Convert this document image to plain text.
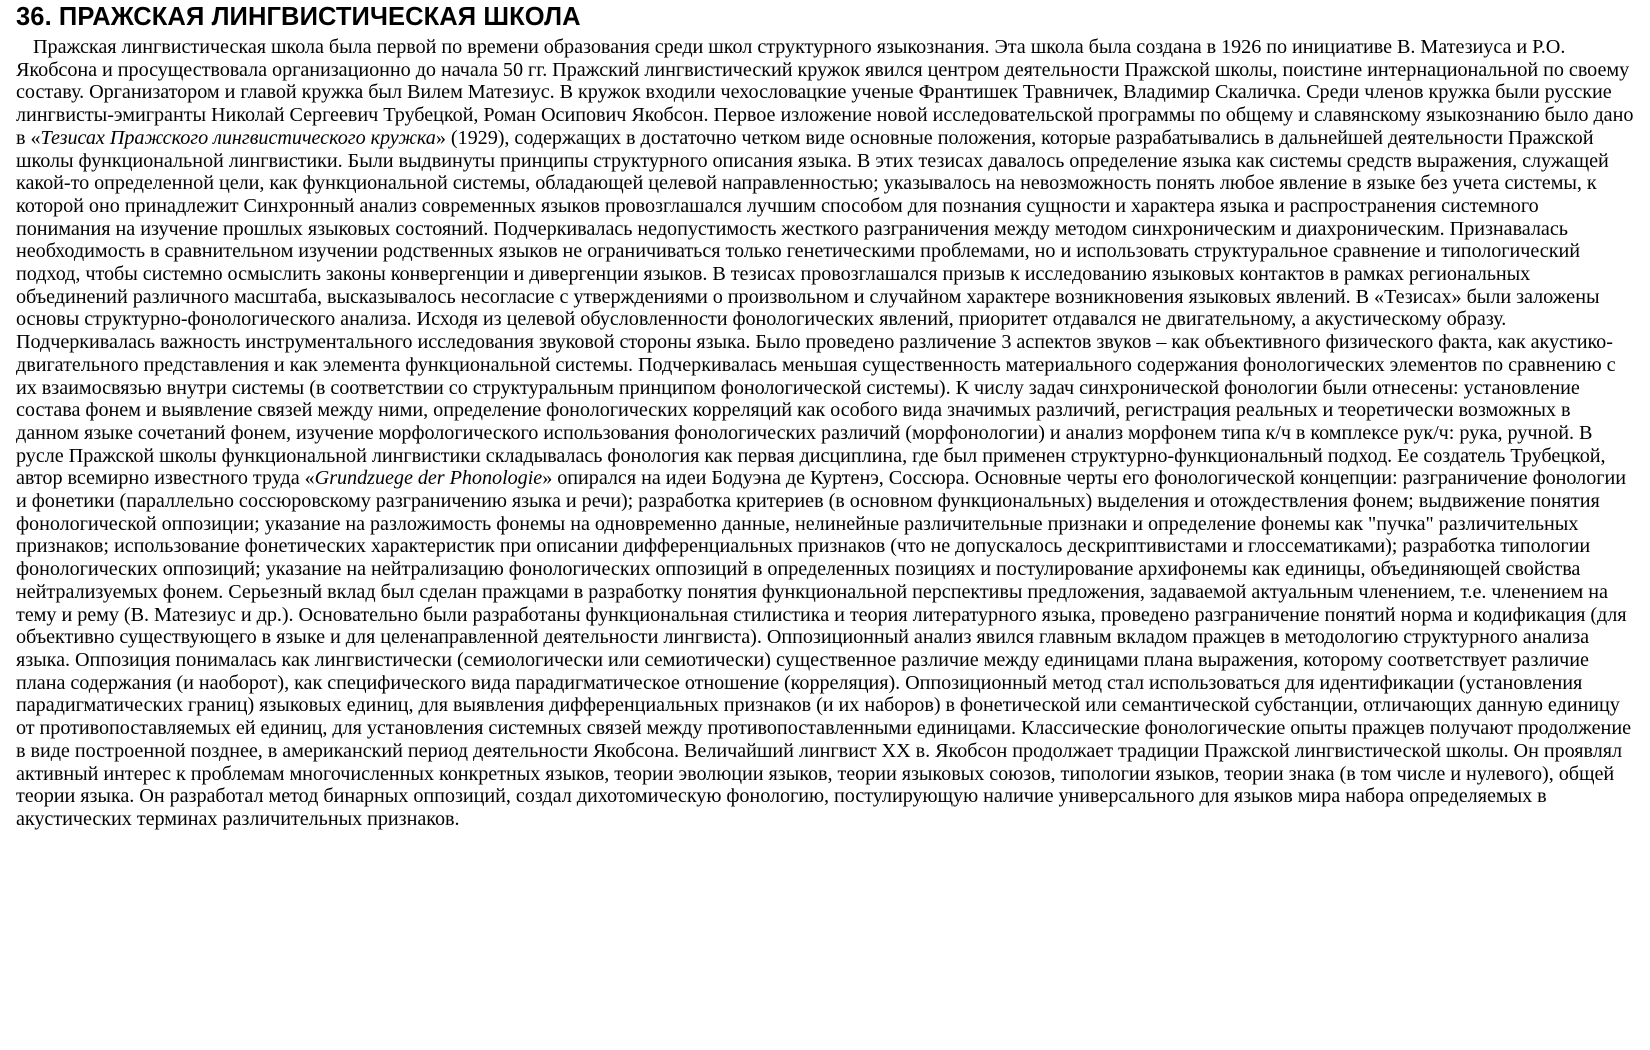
36. ПРАЖСКАЯ ЛИНГВИСТИЧЕСКАЯ ШКОЛА

Пражская лингвистическая школа была первой по времени образования среди школ структурного языкознания. Эта школа была создана в 1926 по инициативе В. Матезиуса и Р.О. Якобсона и просуществовала организационно до начала 50 гг. Пражский лингвистический кружок явился центром деятельности Пражской школы, поистине интернациональной по своему составу. Организатором и главой кружка был Вилем Матезиус. В кружок входили чехословацкие ученые Франтишек Травничек, Владимир Скаличка. Среди членов кружка были русские лингвисты-эмигранты Николай Сергеевич Трубецкой, Роман Осипович Якобсон. Первое изложение новой исследовательской программы по общему и славянскому языкознанию было дано в «Тезисах Пражского лингвистического кружка» (1929), содержащих в достаточно четком виде основные положения, которые разрабатывались в дальнейшей деятельности Пражской школы функциональной лингвистики. Были выдвинуты принципы структурного описания языка. В этих тезисах давалось определение языка как системы средств выражения, служащей какой-то определенной цели, как функциональной системы, обладающей целевой направленностью; указывалось на невозможность понять любое явление в языке без учета системы, к которой оно принадлежит Синхронный анализ современных языков провозглашался лучшим способом для познания сущности и характера языка и распространения системного понимания на изучение прошлых языковых состояний. Подчеркивалась недопустимость жесткого разграничения между методом синхроническим и диахроническим. Признавалась необходимость в сравнительном изучении родственных языков не ограничиваться только генетическими проблемами, но и использовать структуральное сравнение и типологический подход, чтобы системно осмыслить законы конвергенции и дивергенции языков. В тезисах провозглашался призыв к исследованию языковых контактов в рамках региональных объединений различного масштаба, высказывалось несогласие с утверждениями о произвольном и случайном характере возникновения языковых явлений. В «Тезисах» были заложены основы структурно-фонологического анализа. Исходя из целевой обусловленности фонологических явлений, приоритет отдавался не двигательному, а акустическому образу. Подчеркивалась важность инструментального исследования звуковой стороны языка. Было проведено различение 3 аспектов звуков – как объективного физического факта, как акустико-двигательного представления и как элемента функциональной системы. Подчеркивалась меньшая существенность материального содержания фонологических элементов по сравнению с их взаимосвязью внутри системы (в соответствии со структуральным принципом фонологической системы). К числу задач синхронической фонологии были отнесены: установление состава фонем и выявление связей между ними, определение фонологических корреляций как особого вида значимых различий, регистрация реальных и теоретически возможных в данном языке сочетаний фонем, изучение морфологического использования фонологических различий (морфонологии) и анализ морфонем типа к/ч в комплексе рук/ч: рука, ручной. В русле Пражской школы функциональной лингвистики складывалась фонология как первая дисциплина, где был применен структурно-функциональный подход. Ее создатель Трубецкой, автор всемирно известного труда «Grundzuege der Phonologie» опирался на идеи Бодуэна де Куртенэ, Соссюра. Основные черты его фонологической концепции: разграничение фонологии и фонетики (параллельно соссюровскому разграничению языка и речи); разработка критериев (в основном функциональных) выделения и отождествления фонем; выдвижение понятия фонологической оппозиции; указание на разложимость фонемы на одновременно данные, нелинейные различительные признаки и определение фонемы как "пучка" различительных признаков; использование фонетических характеристик при описании дифференциальных признаков (что не допускалось дескриптивистами и глоссематиками); разработка типологии фонологических оппозиций; указание на нейтрализацию фонологических оппозиций в определенных позициях и постулирование архифонемы как единицы, объединяющей свойства нейтрализуемых фонем. Серьезный вклад был сделан пражцами в разработку понятия функциональной перспективы предложения, задаваемой актуальным членением, т.е. членением на тему и рему (В. Матезиус и др.). Основательно были разработаны функциональная стилистика и теория литературного языка, проведено разграничение понятий норма и кодификация (для объективно существующего в языке и для целенаправленной деятельности лингвиста). Оппозиционный анализ явился главным вкладом пражцев в методологию структурного анализа языка. Оппозиция понималась как лингвистически (семиологически или семиотически) существенное различие между единицами плана выражения, которому соответствует различие плана содержания (и наоборот), как специфического вида парадигматическое отношение (корреляция). Оппозиционный метод стал использоваться для идентификации (установления парадигматических границ) языковых единиц, для выявления дифференциальных признаков (и их наборов) в фонетической или семантической субстанции, отличающих данную единицу от противопоставляемых ей единиц, для установления системных связей между противопоставленными единицами. Классические фонологические опыты пражцев получают продолжение в виде построенной позднее, в американский период деятельности Якобсона. Величайший лингвист XX в. Якобсон продолжает традиции Пражской лингвистической школы. Он проявлял активный интерес к проблемам многочисленных конкретных языков, теории эволюции языков, теории языковых союзов, типологии языков, теории знака (в том числе и нулевого), общей теории языка. Он разработал метод бинарных оппозиций, создал дихотомическую фонологию, постулирующую наличие универсального для языков мира набора определяемых в акустических терминах различительных признаков.
